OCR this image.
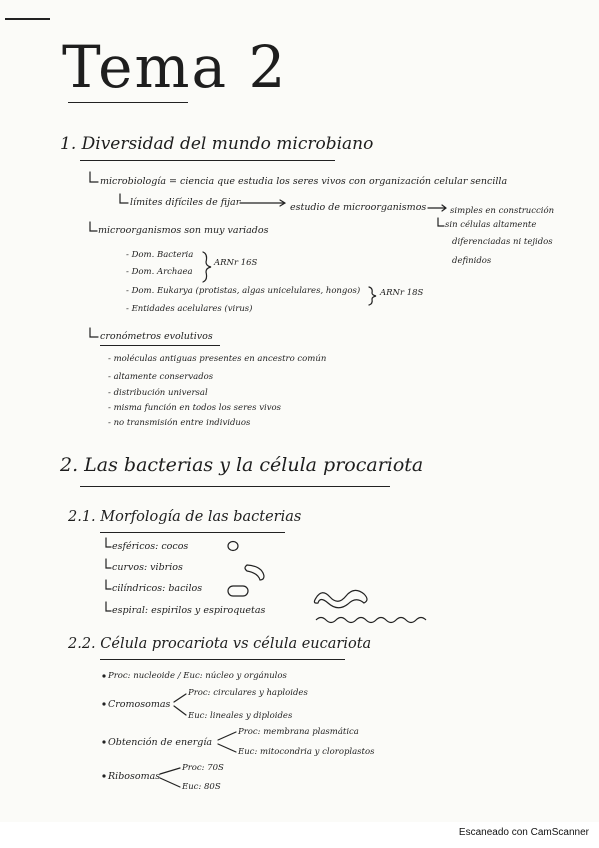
Tema 2
1. Diversidad del mundo microbiano
microbiología = ciencia que estudia los seres vivos con organización celular sencilla
límites difíciles de fijar	estudio de microorganismos	simples en construcción
sin células altamente
diferenciadas ni tejidos
definidos
microorganismos son muy variados
- Dom. Bacteria
- Dom. Archaea
ARNr 16S
- Dom. Eukarya (protistas, algas unicelulares, hongos) ARNr 18S
- Entidades acelulares (virus)
cronómetros evolutivos
- moléculas antiguas presentes en ancestro común
- altamente conservados
- distribución universal
- misma función en todos los seres vivos
- no transmisión entre individuos
2. Las bacterias y la célula procariota
2.1. Morfología de las bacterias
esféricos: cocos
curvos: vibrios
cilíndricos: bacilos
espiral: espirilos y espiroquetas
2.2. Célula procariota vs célula eucariota
Proc: nucleoide / Euc: núcleo y orgánulos
Cromosomas
Proc: circulares y haploides
Euc: lineales y diploides
Obtención de energía
Proc: membrana plasmática
Euc: mitocondria y cloroplastos
Ribosomas
Proc: 70S
Euc: 80S
Escaneado con CamScanner
